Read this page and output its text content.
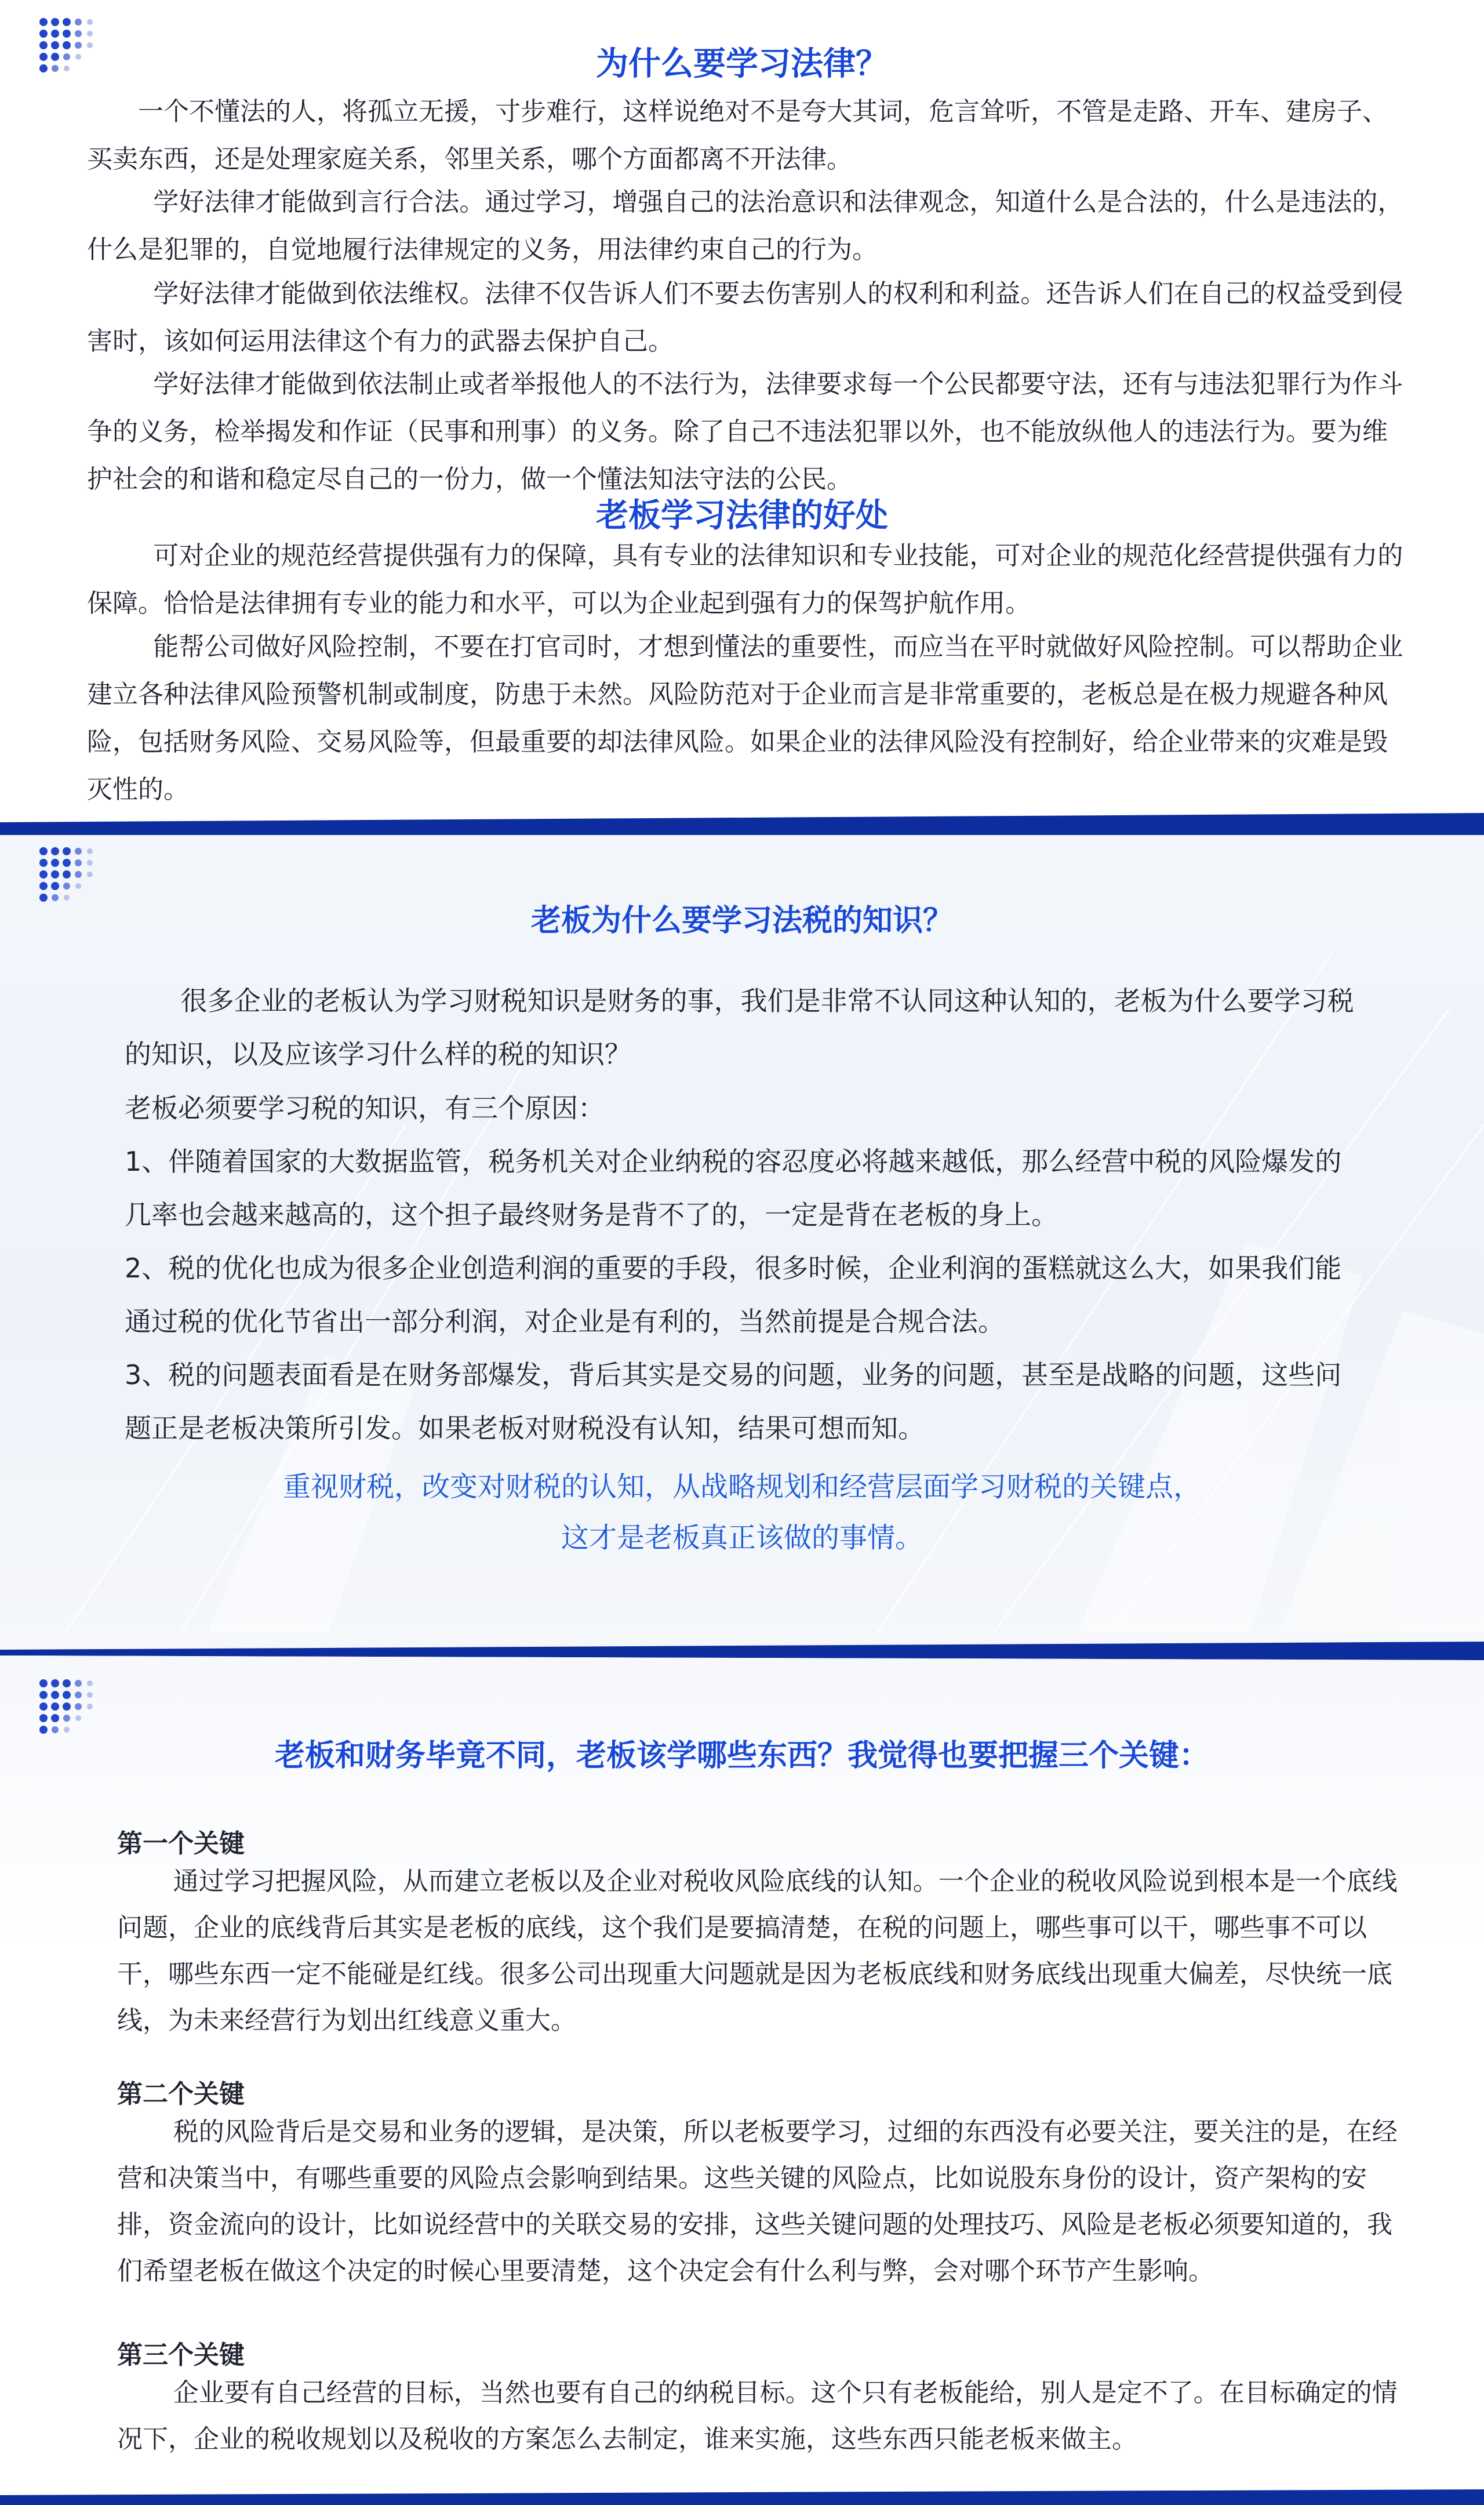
为什么要学习法律？

一个不懂法的人，将孤立无援，寸步难行，这样说绝对不是夸大其词，危言耸听，不管是走路、开车、建房子、买卖东西，还是处理家庭关系，邻里关系，哪个方面都离不开法律。

学好法律才能做到言行合法。通过学习，增强自己的法治意识和法律观念，知道什么是合法的，什么是违法的，什么是犯罪的，自觉地履行法律规定的义务，用法律约束自己的行为。

学好法律才能做到依法维权。法律不仅告诉人们不要去伤害别人的权利和利益。还告诉人们在自己的权益受到侵害时，该如何运用法律这个有力的武器去保护自己。

学好法律才能做到依法制止或者举报他人的不法行为，法律要求每一个公民都要守法，还有与违法犯罪行为作斗争的义务，检举揭发和作证（民事和刑事）的义务。除了自己不违法犯罪以外，也不能放纵他人的违法行为。要为维护社会的和谐和稳定尽自己的一份力，做一个懂法知法守法的公民。

老板学习法律的好处

可对企业的规范经营提供强有力的保障，具有专业的法律知识和专业技能，可对企业的规范化经营提供强有力的保障。恰恰是法律拥有专业的能力和水平，可以为企业起到强有力的保驾护航作用。

能帮公司做好风险控制，不要在打官司时，才想到懂法的重要性，而应当在平时就做好风险控制。可以帮助企业建立各种法律风险预警机制或制度，防患于未然。风险防范对于企业而言是非常重要的，老板总是在极力规避各种风险，包括财务风险、交易风险等，但最重要的却法律风险。如果企业的法律风险没有控制好，给企业带来的灾难是毁灭性的。

老板为什么要学习法税的知识？

很多企业的老板认为学习财税知识是财务的事，我们是非常不认同这种认知的，老板为什么要学习税的知识，以及应该学习什么样的税的知识？

老板必须要学习税的知识，有三个原因：

1、伴随着国家的大数据监管，税务机关对企业纳税的容忍度必将越来越低，那么经营中税的风险爆发的几率也会越来越高的，这个担子最终财务是背不了的，一定是背在老板的身上。

2、税的优化也成为很多企业创造利润的重要的手段，很多时候，企业利润的蛋糕就这么大，如果我们能通过税的优化节省出一部分利润，对企业是有利的，当然前提是合规合法。

3、税的问题表面看是在财务部爆发，背后其实是交易的问题，业务的问题，甚至是战略的问题，这些问题正是老板决策所引发。如果老板对财税没有认知，结果可想而知。

重视财税，改变对财税的认知，从战略规划和经营层面学习财税的关键点，
这才是老板真正该做的事情。

老板和财务毕竟不同，老板该学哪些东西？我觉得也要把握三个关键：
第一个关键

通过学习把握风险，从而建立老板以及企业对税收风险底线的认知。一个企业的税收风险说到根本是一个底线问题，企业的底线背后其实是老板的底线，这个我们是要搞清楚，在税的问题上，哪些事可以干，哪些事不可以干，哪些东西一定不能碰是红线。很多公司出现重大问题就是因为老板底线和财务底线出现重大偏差，尽快统一底线，为未来经营行为划出红线意义重大。

第二个关键

税的风险背后是交易和业务的逻辑，是决策，所以老板要学习，过细的东西没有必要关注，要关注的是，在经营和决策当中，有哪些重要的风险点会影响到结果。这些关键的风险点，比如说股东身份的设计，资产架构的安排，资金流向的设计，比如说经营中的关联交易的安排，这些关键问题的处理技巧、风险是老板必须要知道的，我们希望老板在做这个决定的时候心里要清楚，这个决定会有什么利与弊，会对哪个环节产生影响。

第三个关键

企业要有自己经营的目标，当然也要有自己的纳税目标。这个只有老板能给，别人是定不了。在目标确定的情况下，企业的税收规划以及税收的方案怎么去制定，谁来实施，这些东西只能老板来做主。
